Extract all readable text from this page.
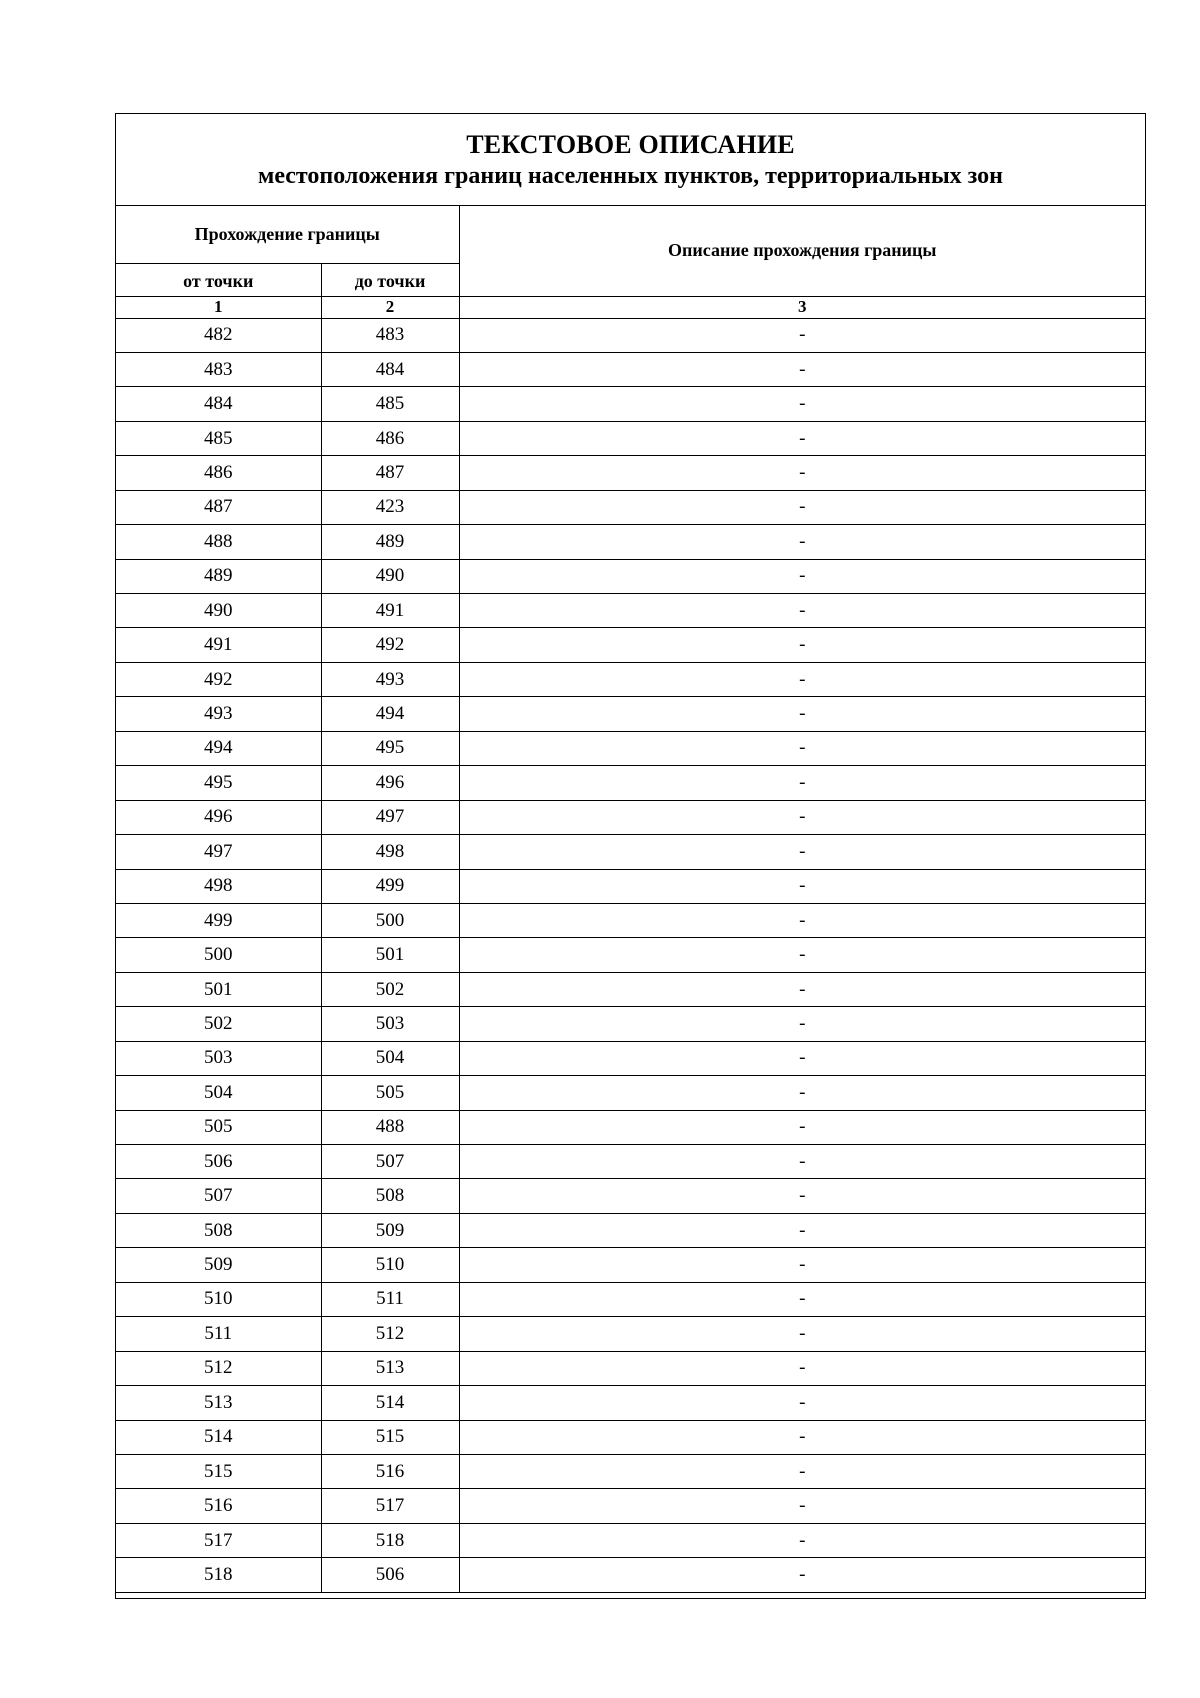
ТЕКСТОВОЕ ОПИСАНИЕ
местоположения границ населенных пунктов, территориальных зон
Прохождение границы		Описание прохождения границы
от точки	до точки	
1	2	3
482	483	-
483	484	-
484	485	-
485	486	-
486	487	-
487	423	-
488	489	-
489	490	-
490	491	-
491	492	-
492	493	-
493	494	-
494	495	-
495	496	-
496	497	-
497	498	-
498	499	-
499	500	-
500	501	-
501	502	-
502	503	-
503	504	-
504	505	-
505	488	-
506	507	-
507	508	-
508	509	-
509	510	-
510	511	-
511	512	-
512	513	-
513	514	-
514	515	-
515	516	-
516	517	-
517	518	-
518	506	-
